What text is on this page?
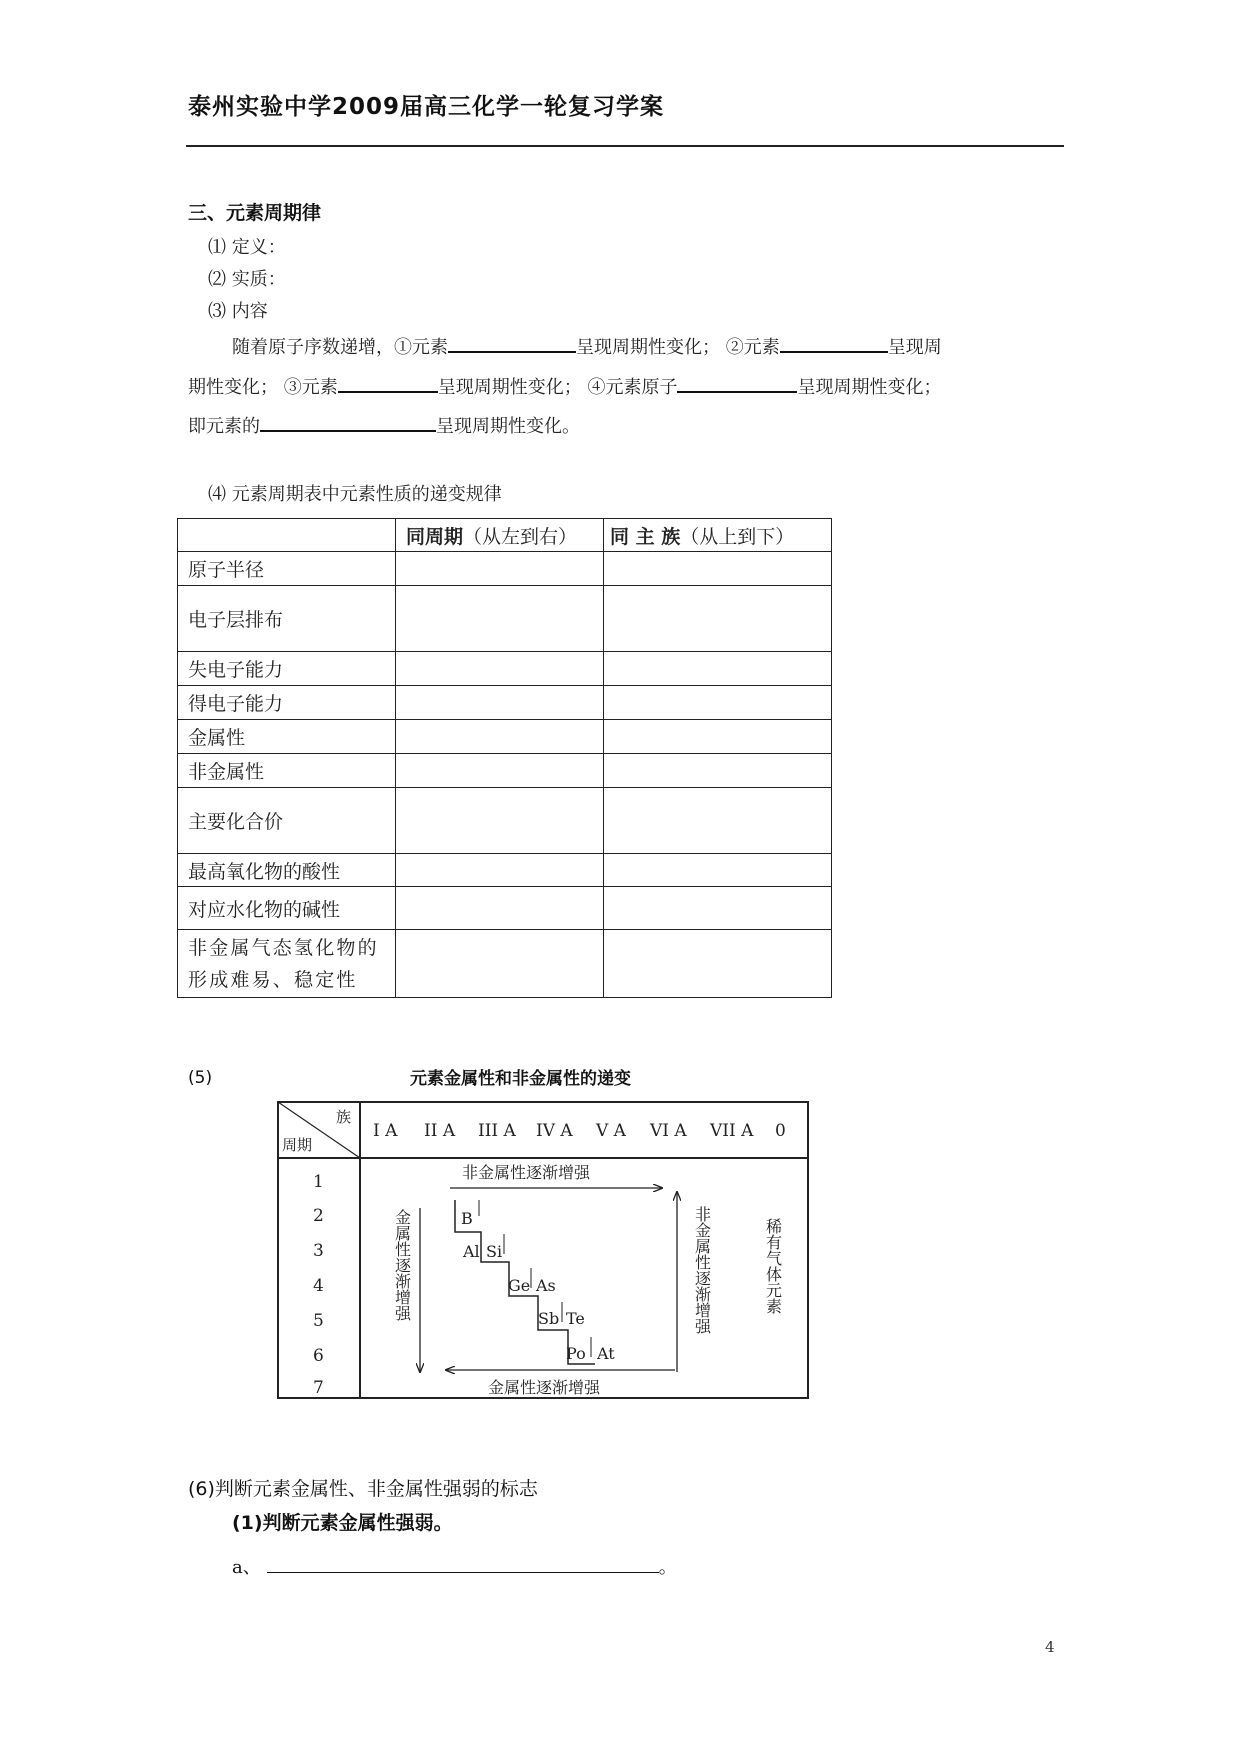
泰州实验中学2009届高三化学一轮复习学案
三、元素周期律
⑴ 定义：
⑵ 实质：
⑶ 内容
随着原子序数递增，①元素	呈现周期性变化； ②元素	呈现周
期性变化； ③元素	呈现周期性变化； ④元素原子	呈现周期性变化；
即元素的	呈现周期性变化。
⑷ 元素周期表中元素性质的递变规律
	同周期（从左到右）	同 主 族（从上到下）
原子半径		
电子层排布		
失电子能力		
得电子能力		
金属性		
非金属性		
主要化合价		
最高氧化物的酸性		
对应水化物的碱性		
非金属气态氢化物的形成难易、稳定性		
(5)	元素金属性和非金属性的递变
族
周期
I A II A III A IV A V A VI A VII A 0
1
2
3
4
5
6
7
非金属性逐渐增强
金属性逐渐增强
金属性逐渐增强	非金属性逐渐增强	稀有气体元素
B
Al Si
Ge As
Sb Te
Po At
(6)判断元素金属性、非金属性强弱的标志
(1)判断元素金属性强弱。
a、	。
4
